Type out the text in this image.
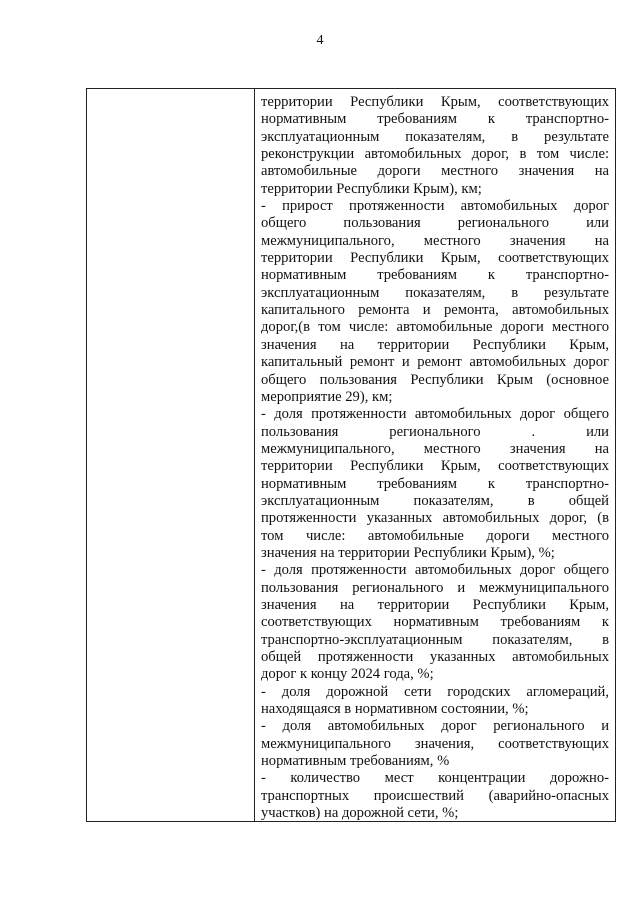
4
территории Республики Крым, соответствующих
нормативным требованиям к транспортно-
эксплуатационным показателям, в результате
реконструкции автомобильных дорог, в том числе:
автомобильные дороги местного значения на
территории Республики Крым), км;
- прирост протяженности автомобильных дорог
общего пользования регионального или
межмуниципального, местного значения на
территории Республики Крым, соответствующих
нормативным требованиям к транспортно-
эксплуатационным показателям, в результате
капитального ремонта и ремонта, автомобильных
дорог,(в том числе: автомобильные дороги местного
значения на территории Республики Крым,
капитальный ремонт и ремонт автомобильных дорог
общего пользования Республики Крым (основное
мероприятие 29), км;
- доля протяженности автомобильных дорог общего
пользования регионального . или
межмуниципального, местного значения на
территории Республики Крым, соответствующих
нормативным требованиям к транспортно-
эксплуатационным показателям, в общей
протяженности указанных автомобильных дорог, (в
том числе: автомобильные дороги местного
значения на территории Республики Крым), %;
- доля протяженности автомобильных дорог общего
пользования регионального и межмуниципального
значения на территории Республики Крым,
соответствующих нормативным требованиям к
транспортно-эксплуатационным показателям, в
общей протяженности указанных автомобильных
дорог к концу 2024 года, %;
- доля дорожной сети городских агломераций,
находящаяся в нормативном состоянии, %;
- доля автомобильных дорог регионального и
межмуниципального значения, соответствующих
нормативным требованиям, %
- количество мест концентрации дорожно-
транспортных происшествий (аварийно-опасных
участков) на дорожной сети, %;
